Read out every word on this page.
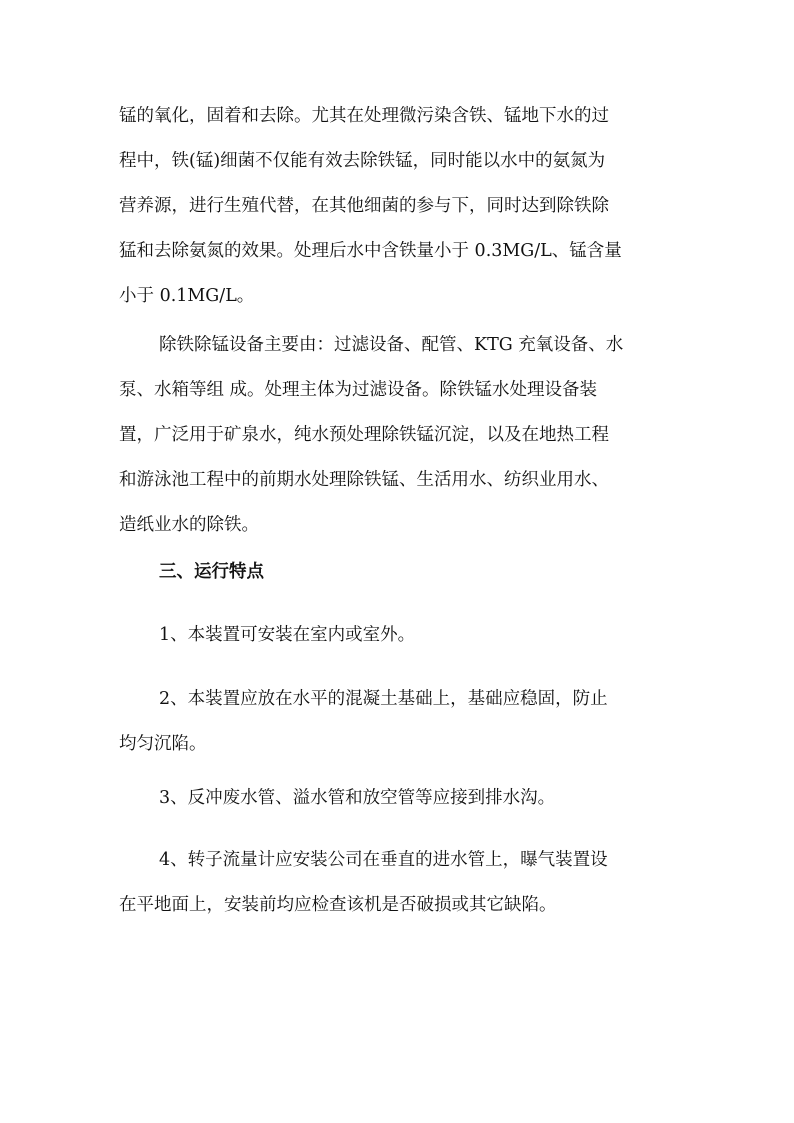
锰的氧化，固着和去除。尤其在处理微污染含铁、锰地下水的过
程中，铁(锰)细菌不仅能有效去除铁锰，同时能以水中的氨氮为
营养源，进行生殖代替，在其他细菌的参与下，同时达到除铁除
猛和去除氨氮的效果。处理后水中含铁量小于 0.3MG/L、锰含量
小于 0.1MG/L。
除铁除锰设备主要由：过滤设备、配管、KTG 充氧设备、水
泵、水箱等组 成。处理主体为过滤设备。除铁锰水处理设备装
置，广泛用于矿泉水，纯水预处理除铁锰沉淀，以及在地热工程
和游泳池工程中的前期水处理除铁锰、生活用水、纺织业用水、
造纸业水的除铁。
三、运行特点
1、本装置可安装在室内或室外。
2、本装置应放在水平的混凝土基础上，基础应稳固，防止
均匀沉陷。
3、反冲废水管、溢水管和放空管等应接到排水沟。
4、转子流量计应安装公司在垂直的进水管上，曝气装置设
在平地面上，安装前均应检查该机是否破损或其它缺陷。
